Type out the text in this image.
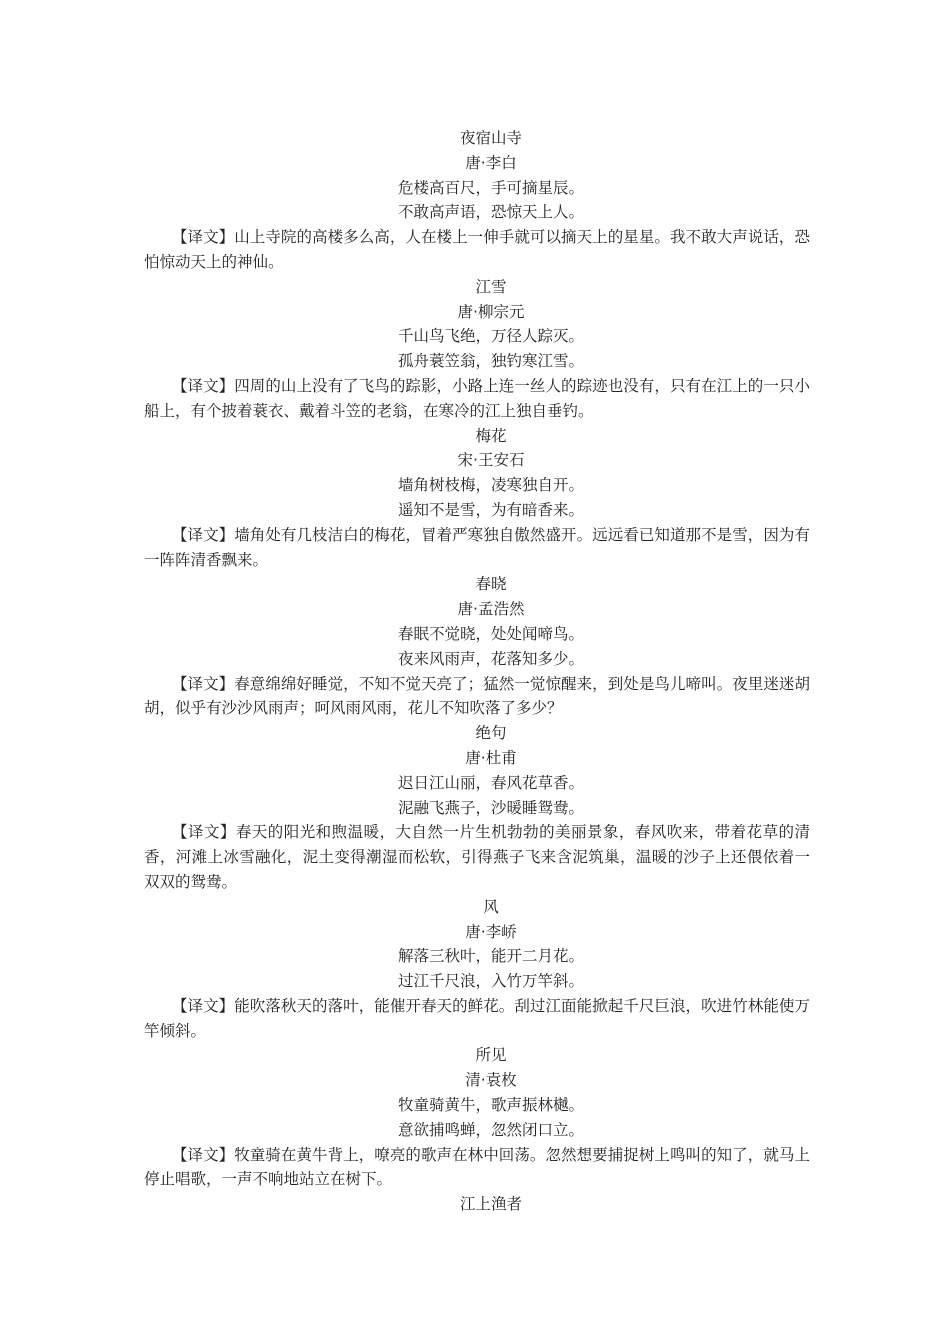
夜宿山寺

唐·李白

危楼高百尺，手可摘星辰。

不敢高声语，恐惊天上人。

【译文】山上寺院的高楼多么高，人在楼上一伸手就可以摘天上的星星。我不敢大声说话，恐怕惊动天上的神仙。

江雪

唐·柳宗元

千山鸟飞绝，万径人踪灭。

孤舟蓑笠翁，独钓寒江雪。

【译文】四周的山上没有了飞鸟的踪影，小路上连一丝人的踪迹也没有，只有在江上的一只小船上，有个披着蓑衣、戴着斗笠的老翁，在寒冷的江上独自垂钓。

梅花

宋·王安石

墙角树枝梅，凌寒独自开。

遥知不是雪，为有暗香来。

【译文】墙角处有几枝洁白的梅花，冒着严寒独自傲然盛开。远远看已知道那不是雪，因为有一阵阵清香飘来。

春晓

唐·孟浩然

春眠不觉晓，处处闻啼鸟。

夜来风雨声，花落知多少。

【译文】春意绵绵好睡觉，不知不觉天亮了；猛然一觉惊醒来，到处是鸟儿啼叫。夜里迷迷胡胡，似乎有沙沙风雨声；呵风雨风雨，花儿不知吹落了多少？

绝句

唐·杜甫

迟日江山丽，春风花草香。

泥融飞燕子，沙暖睡鸳鸯。

【译文】春天的阳光和煦温暖，大自然一片生机勃勃的美丽景象，春风吹来，带着花草的清香，河滩上冰雪融化，泥土变得潮湿而松软，引得燕子飞来含泥筑巢，温暖的沙子上还偎依着一双双的鸳鸯。

风

唐·李峤

解落三秋叶，能开二月花。

过江千尺浪，入竹万竿斜。

【译文】能吹落秋天的落叶，能催开春天的鲜花。刮过江面能掀起千尺巨浪，吹进竹林能使万竿倾斜。

所见

清·袁枚

牧童骑黄牛，歌声振林樾。

意欲捕鸣蝉，忽然闭口立。

【译文】牧童骑在黄牛背上，嘹亮的歌声在林中回荡。忽然想要捕捉树上鸣叫的知了，就马上停止唱歌，一声不响地站立在树下。

江上渔者
